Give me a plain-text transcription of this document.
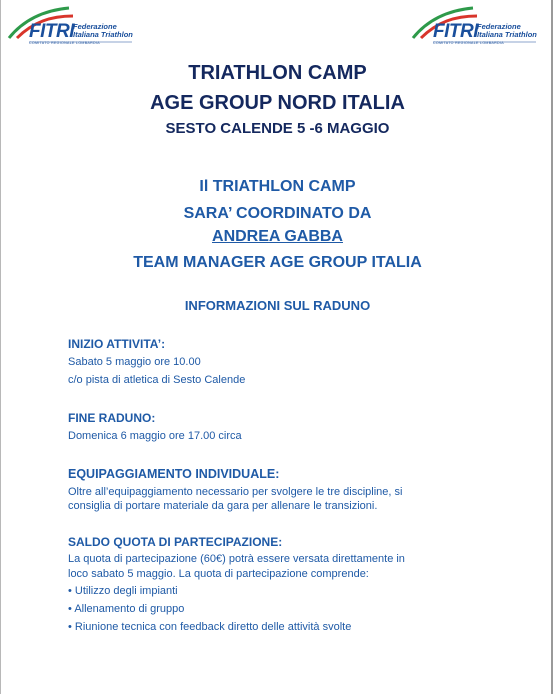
FITRI Federazione
Italiana Triathlon
COMITATO REGIONALE LOMBARDIA
FITRI Federazione
Italiana Triathlon
COMITATO REGIONALE LOMBARDIA
TRIATHLON CAMP
AGE GROUP NORD ITALIA
SESTO CALENDE 5 -6 MAGGIO
Il TRIATHLON CAMP
SARA’ COORDINATO DA
ANDREA GABBA
TEAM MANAGER AGE GROUP ITALIA
INFORMAZIONI SUL RADUNO
INIZIO ATTIVITA’:
Sabato 5 maggio ore 10.00
c/o pista di atletica di Sesto Calende
FINE RADUNO:
Domenica 6 maggio ore 17.00 circa
EQUIPAGGIAMENTO INDIVIDUALE:
Oltre all’equipaggiamento necessario per svolgere le tre discipline, si
consiglia di portare materiale da gara per allenare le transizioni.
SALDO QUOTA DI PARTECIPAZIONE:
La quota di partecipazione (60€) potrà essere versata direttamente in
loco sabato 5 maggio. La quota di partecipazione comprende:
• Utilizzo degli impianti
• Allenamento di gruppo
• Riunione tecnica con feedback diretto delle attività svolte
